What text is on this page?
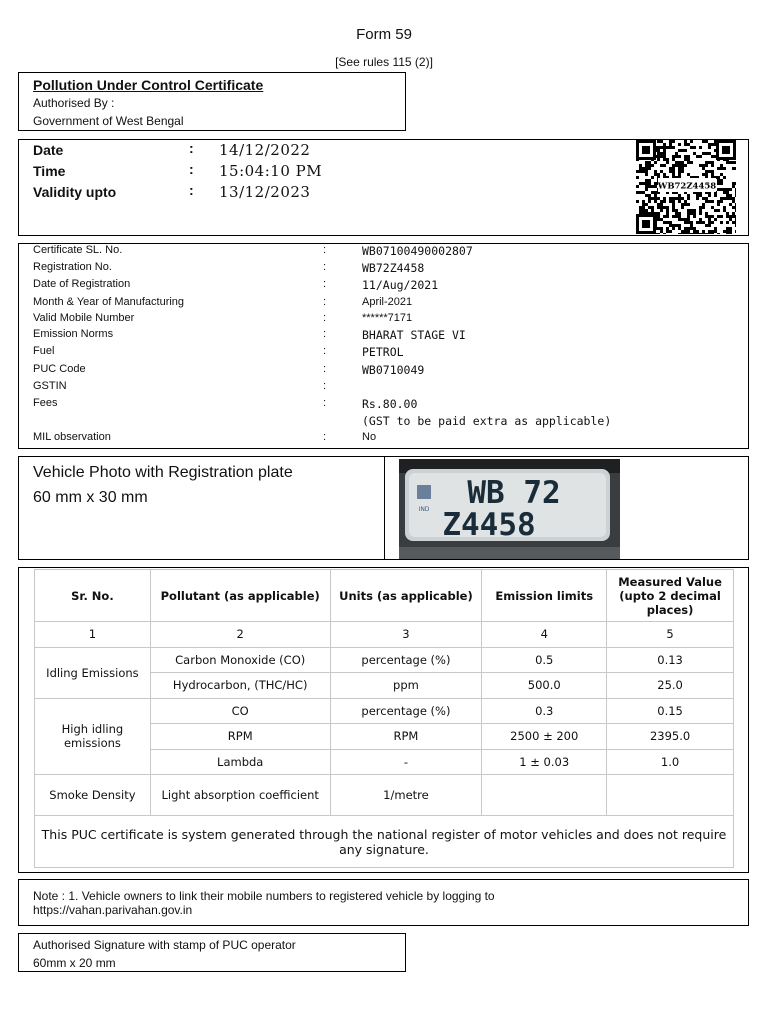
Form 59
[See rules 115 (2)]
Pollution Under Control Certificate
Authorised By :
Government of West Bengal
Date	: 14/12/2022
Time	: 15:04:10 PM
Validity upto	: 13/12/2023	WB72Z4458
Certificate SL. No.	:	WB07100490002807
Registration No.	:	WB72Z4458
Date of Registration	:	11/Aug/2021
Month & Year of Manufacturing	:	April-2021
Valid Mobile Number	:	******7171
Emission Norms	:	BHARAT STAGE VI
Fuel	:	PETROL
PUC Code	:	WB0710049
GSTIN	:
Fees	:	Rs.80.00
(GST to be paid extra as applicable)
MIL observation	:	No
Vehicle Photo with Registration plate
60 mm x 30 mm
IND WB 72
Z4458
Sr. No.	Pollutant (as applicable)	Units (as applicable)	Emission limits	Measured Value (upto 2 decimal places)
1	2	3	4	5
Idling Emissions	Carbon Monoxide (CO)	percentage (%)	0.5	0.13
	Hydrocarbon, (THC/HC)	ppm	500.0	25.0
High idling emissions	CO	percentage (%)	0.3	0.15
	RPM	RPM	2500 ± 200	2395.0
	Lambda	-	1 ± 0.03	1.0
Smoke Density	Light absorption coefficient	1/metre		
This PUC certificate is system generated through the national register of motor vehicles and does not require any signature.
Note : 1. Vehicle owners to link their mobile numbers to registered vehicle by logging to
https://vahan.parivahan.gov.in
Authorised Signature with stamp of PUC operator
60mm x 20 mm
